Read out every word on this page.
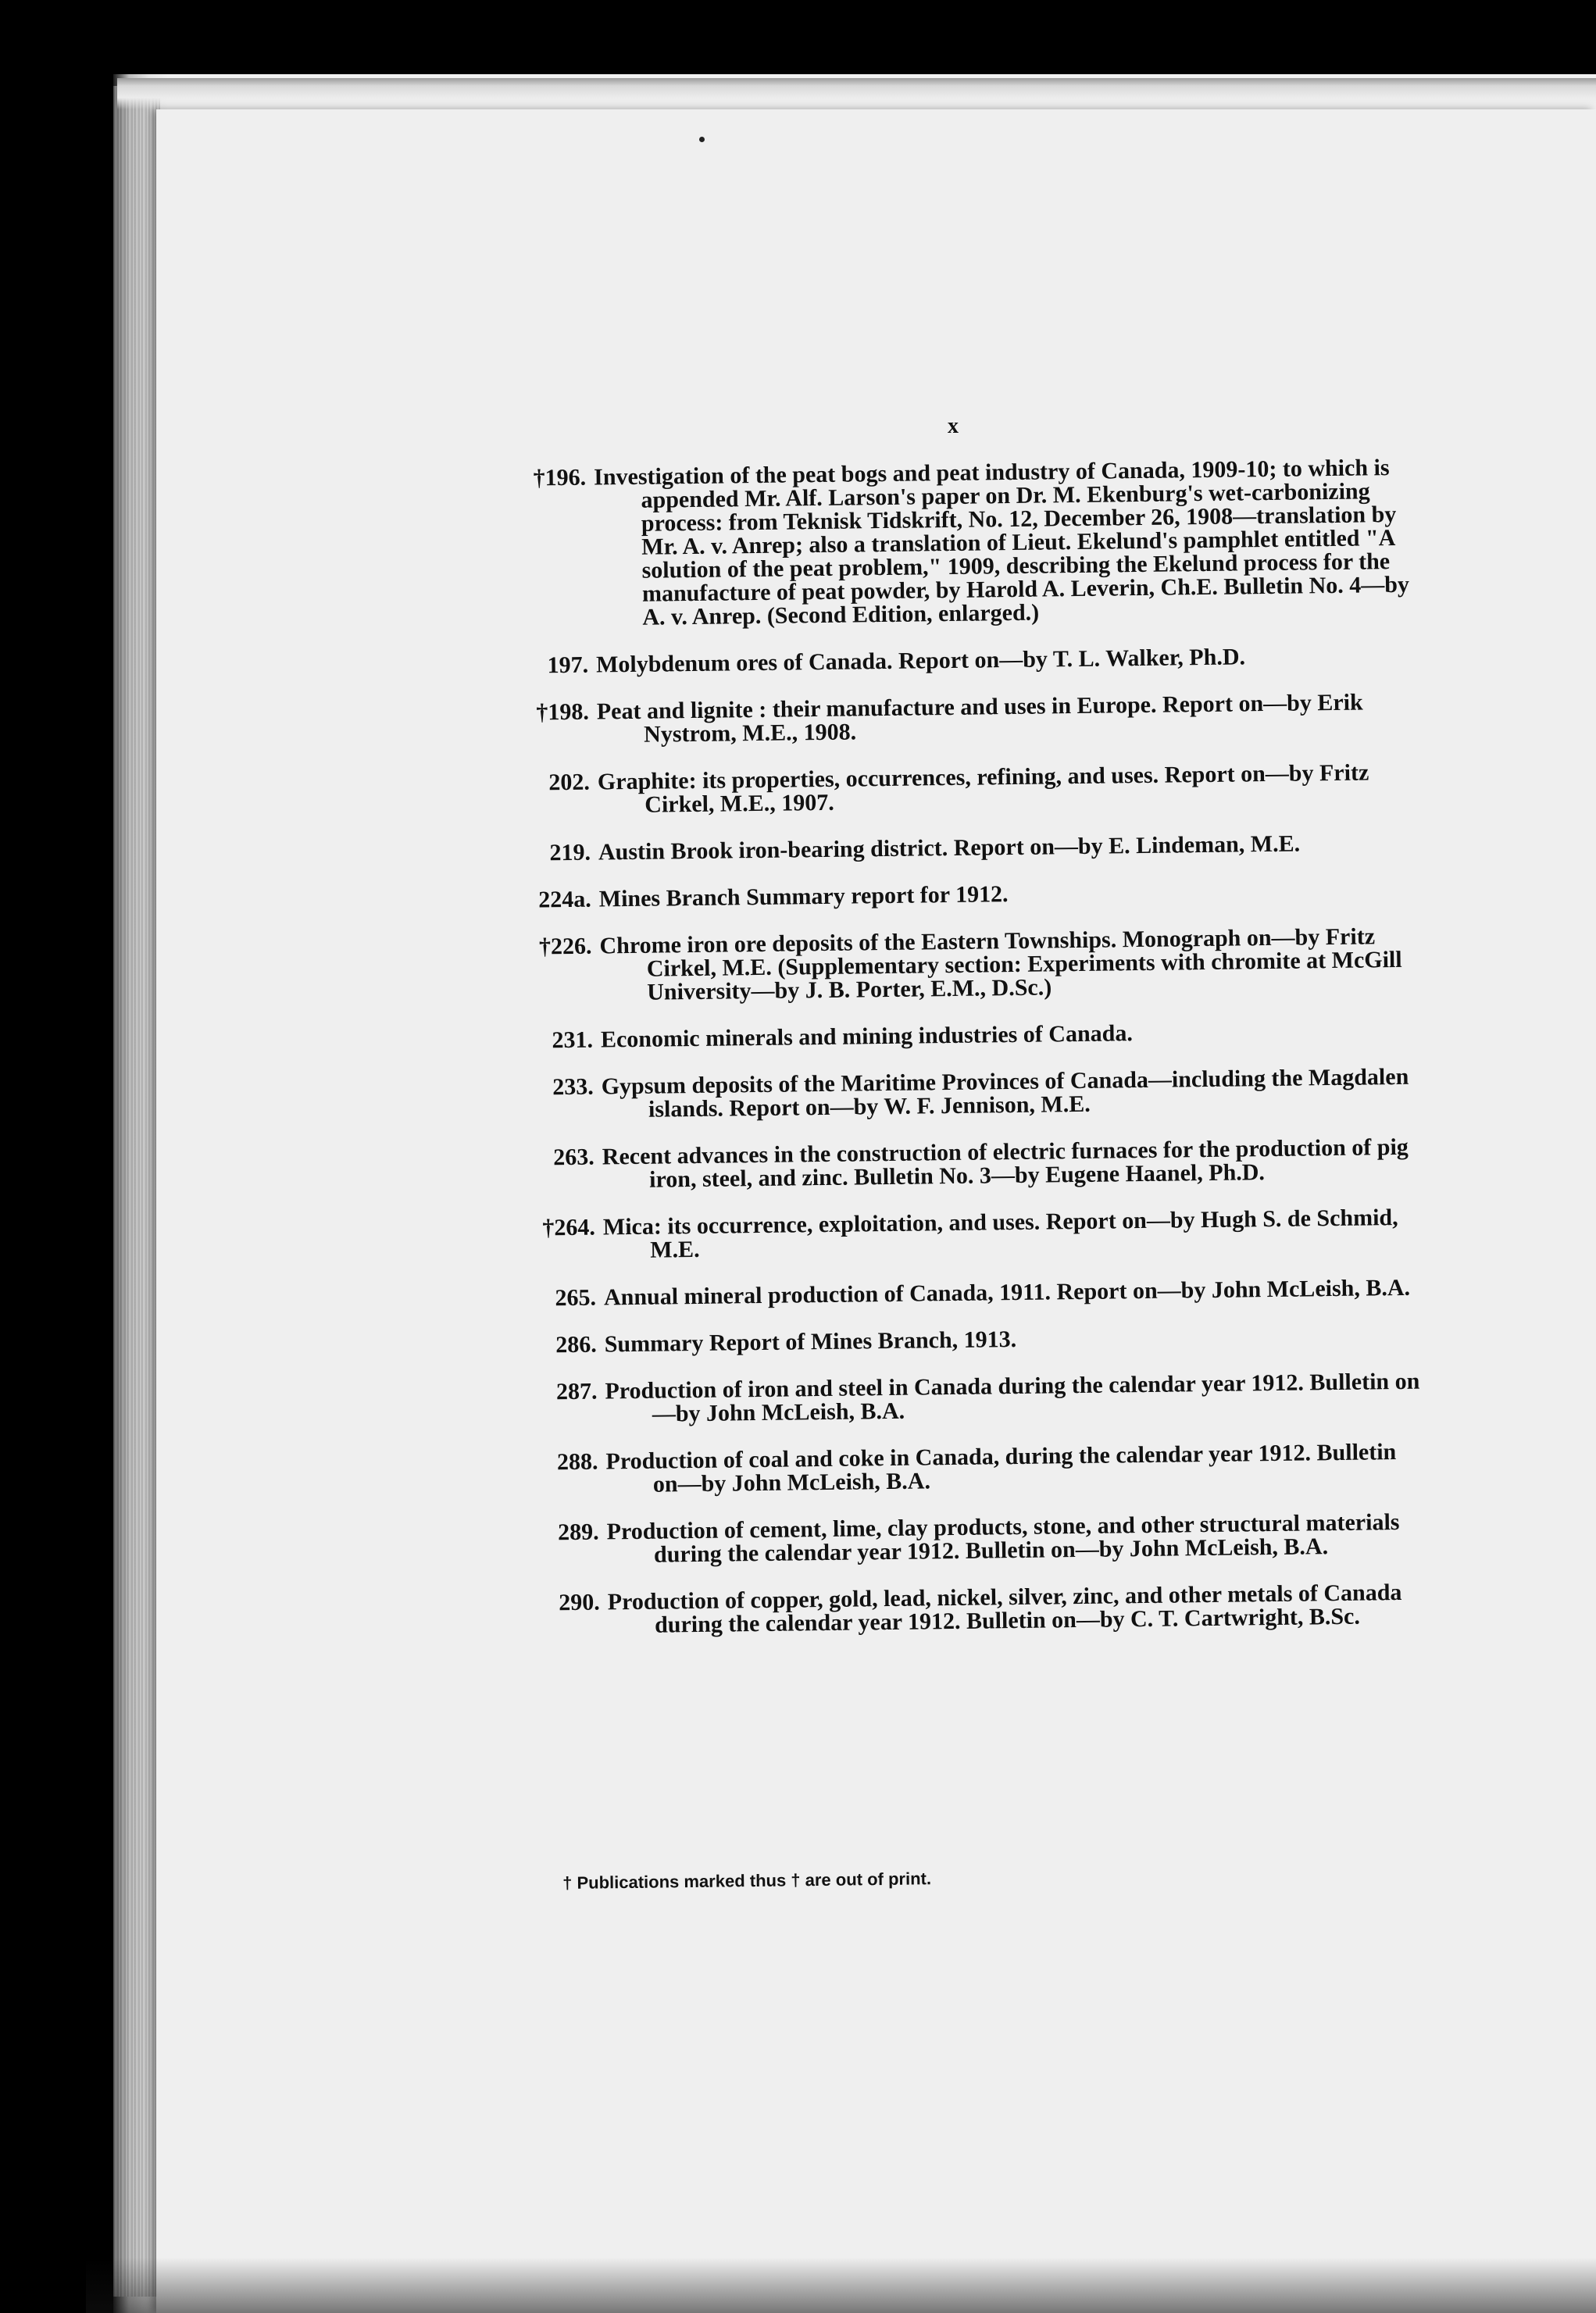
x
†196. Investigation of the peat bogs and peat industry of Canada, 1909-10; to which is appended Mr. Alf. Larson's paper on Dr. M. Ekenburg's wet-carbonizing process: from Teknisk Tidskrift, No. 12, December 26, 1908—translation by Mr. A. v. Anrep; also a translation of Lieut. Ekelund's pamphlet entitled "A solution of the peat problem," 1909, describing the Ekelund process for the manufacture of peat powder, by Harold A. Leverin, Ch.E. Bulletin No. 4—by A. v. Anrep. (Second Edition, enlarged.)
197. Molybdenum ores of Canada. Report on—by T. L. Walker, Ph.D.
†198. Peat and lignite : their manufacture and uses in Europe. Report on—by Erik Nystrom, M.E., 1908.
202. Graphite: its properties, occurrences, refining, and uses. Report on—by Fritz Cirkel, M.E., 1907.
219. Austin Brook iron-bearing district. Report on—by E. Lindeman, M.E.
224a. Mines Branch Summary report for 1912.
†226. Chrome iron ore deposits of the Eastern Townships. Monograph on—by Fritz Cirkel, M.E. (Supplementary section: Experiments with chromite at McGill University—by J. B. Porter, E.M., D.Sc.)
231. Economic minerals and mining industries of Canada.
233. Gypsum deposits of the Maritime Provinces of Canada—including the Magdalen islands. Report on—by W. F. Jennison, M.E.
263. Recent advances in the construction of electric furnaces for the production of pig iron, steel, and zinc. Bulletin No. 3—by Eugene Haanel, Ph.D.
†264. Mica: its occurrence, exploitation, and uses. Report on—by Hugh S. de Schmid, M.E.
265. Annual mineral production of Canada, 1911. Report on—by John McLeish, B.A.
286. Summary Report of Mines Branch, 1913.
287. Production of iron and steel in Canada during the calendar year 1912. Bulletin on—by John McLeish, B.A.
288. Production of coal and coke in Canada, during the calendar year 1912. Bulletin on—by John McLeish, B.A.
289. Production of cement, lime, clay products, stone, and other structural materials during the calendar year 1912. Bulletin on—by John McLeish, B.A.
290. Production of copper, gold, lead, nickel, silver, zinc, and other metals of Canada during the calendar year 1912. Bulletin on—by C. T. Cartwright, B.Sc.
† Publications marked thus † are out of print.
